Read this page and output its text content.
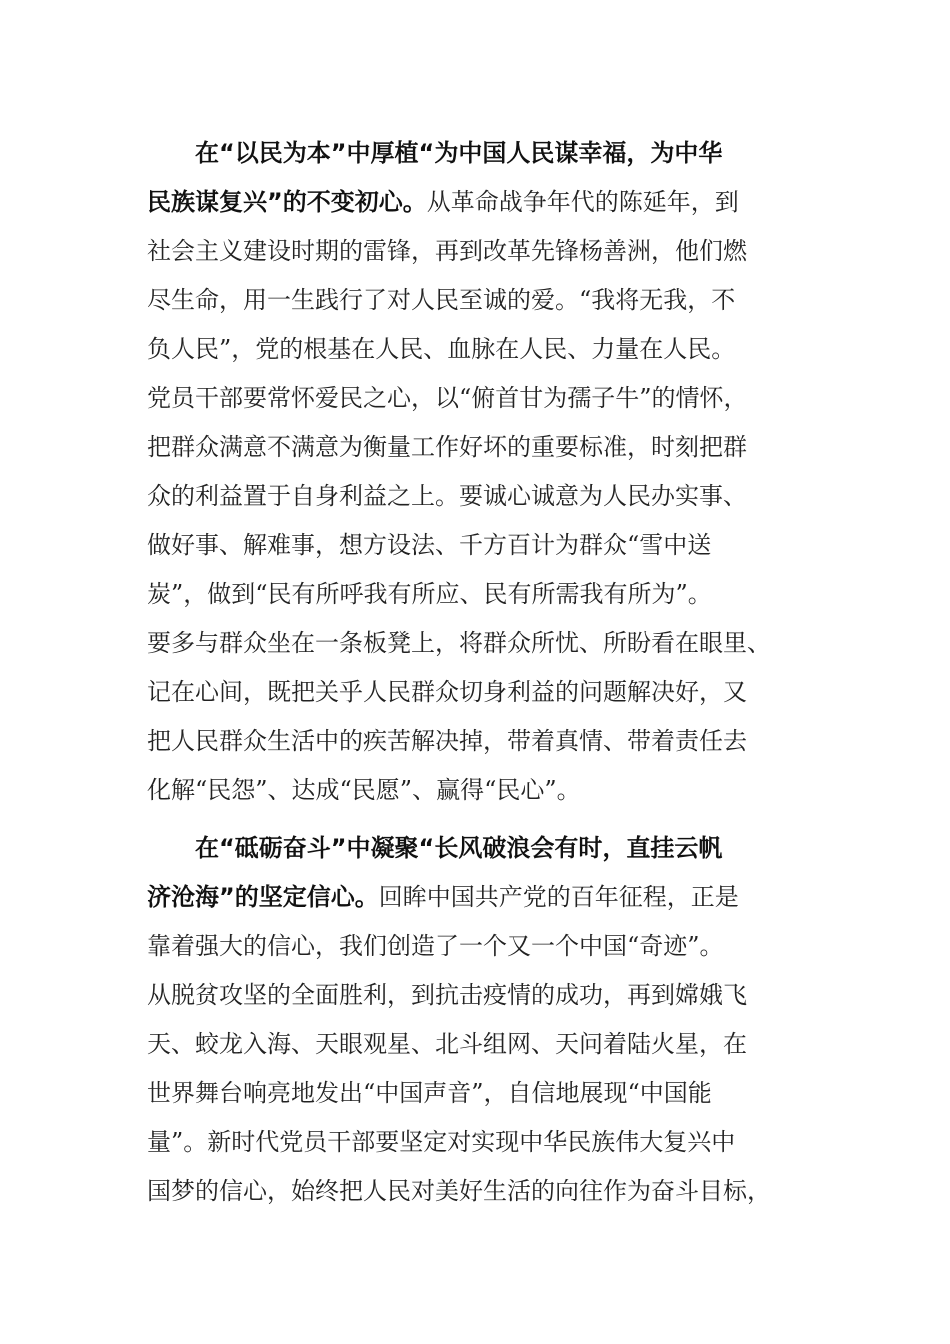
在“以民为本”中厚植“为中国人民谋幸福，为中华
民族谋复兴”的不变初心。从革命战争年代的陈延年，到
社会主义建设时期的雷锋，再到改革先锋杨善洲，他们燃
尽生命，用一生践行了对人民至诚的爱。“我将无我，不
负人民”，党的根基在人民、血脉在人民、力量在人民。
党员干部要常怀爱民之心，以“俯首甘为孺子牛”的情怀，
把群众满意不满意为衡量工作好坏的重要标准，时刻把群
众的利益置于自身利益之上。要诚心诚意为人民办实事、
做好事、解难事，想方设法、千方百计为群众“雪中送
炭”，做到“民有所呼我有所应、民有所需我有所为”。
要多与群众坐在一条板凳上，将群众所忧、所盼看在眼里、
记在心间，既把关乎人民群众切身利益的问题解决好，又
把人民群众生活中的疾苦解决掉，带着真情、带着责任去
化解“民怨”、达成“民愿”、赢得“民心”。
在“砥砺奋斗”中凝聚“长风破浪会有时，直挂云帆
济沧海”的坚定信心。回眸中国共产党的百年征程，正是
靠着强大的信心，我们创造了一个又一个中国“奇迹”。
从脱贫攻坚的全面胜利，到抗击疫情的成功，再到嫦娥飞
天、蛟龙入海、天眼观星、北斗组网、天问着陆火星，在
世界舞台响亮地发出“中国声音”，自信地展现“中国能
量”。新时代党员干部要坚定对实现中华民族伟大复兴中
国梦的信心，始终把人民对美好生活的向往作为奋斗目标，
